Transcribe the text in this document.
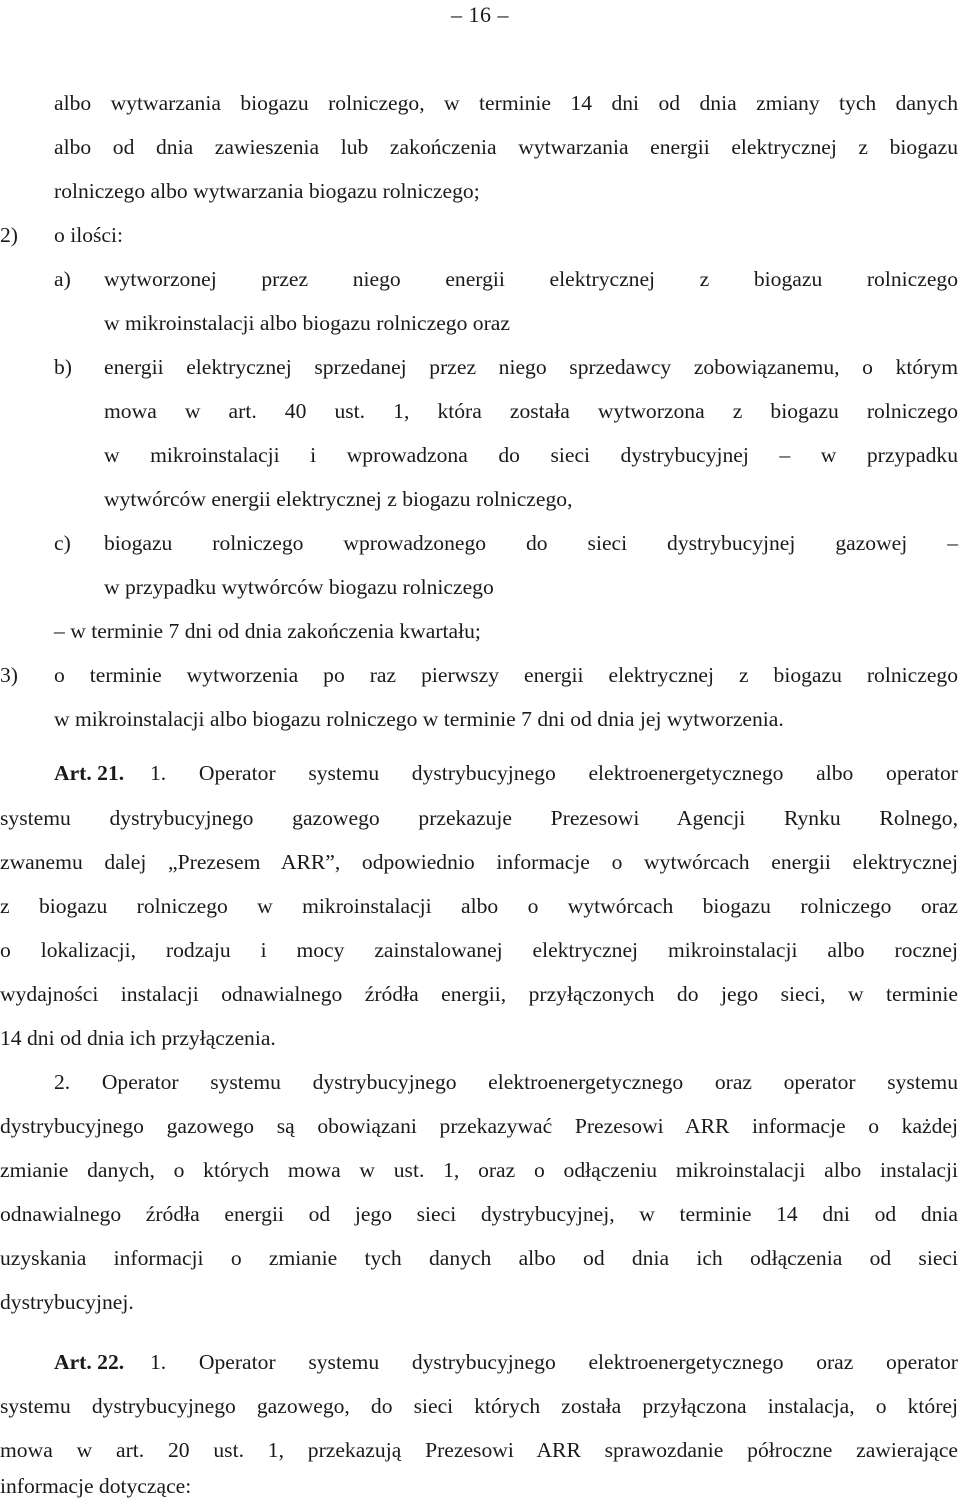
– 16 –
albo wytwarzania biogazu rolniczego, w terminie 14 dni od dnia zmiany tych danych
albo od dnia zawieszenia lub zakończenia wytwarzania energii elektrycznej z biogazu
rolniczego albo wytwarzania biogazu rolniczego;
2) o ilości:
a) wytworzonej przez niego energii elektrycznej z biogazu rolniczego
w mikroinstalacji albo biogazu rolniczego oraz
b) energii elektrycznej sprzedanej przez niego sprzedawcy zobowiązanemu, o którym
mowa w art. 40 ust. 1, która została wytworzona z biogazu rolniczego
w mikroinstalacji i wprowadzona do sieci dystrybucyjnej – w przypadku
wytwórców energii elektrycznej z biogazu rolniczego,
c) biogazu rolniczego wprowadzonego do sieci dystrybucyjnej gazowej –
w przypadku wytwórców biogazu rolniczego
– w terminie 7 dni od dnia zakończenia kwartału;
3) o terminie wytworzenia po raz pierwszy energii elektrycznej z biogazu rolniczego
w mikroinstalacji albo biogazu rolniczego w terminie 7 dni od dnia jej wytworzenia.
Art. 21. 1. Operator systemu dystrybucyjnego elektroenergetycznego albo operator
systemu dystrybucyjnego gazowego przekazuje Prezesowi Agencji Rynku Rolnego,
zwanemu dalej „Prezesem ARR”, odpowiednio informacje o wytwórcach energii elektrycznej
z biogazu rolniczego w mikroinstalacji albo o wytwórcach biogazu rolniczego oraz
o lokalizacji, rodzaju i mocy zainstalowanej elektrycznej mikroinstalacji albo rocznej
wydajności instalacji odnawialnego źródła energii, przyłączonych do jego sieci, w terminie
14 dni od dnia ich przyłączenia.
2. Operator systemu dystrybucyjnego elektroenergetycznego oraz operator systemu
dystrybucyjnego gazowego są obowiązani przekazywać Prezesowi ARR informacje o każdej
zmianie danych, o których mowa w ust. 1, oraz o odłączeniu mikroinstalacji albo instalacji
odnawialnego źródła energii od jego sieci dystrybucyjnej, w terminie 14 dni od dnia
uzyskania informacji o zmianie tych danych albo od dnia ich odłączenia od sieci
dystrybucyjnej.
Art. 22. 1. Operator systemu dystrybucyjnego elektroenergetycznego oraz operator
systemu dystrybucyjnego gazowego, do sieci których została przyłączona instalacja, o której
mowa w art. 20 ust. 1, przekazują Prezesowi ARR sprawozdanie półroczne zawierające
informacje dotyczące:
